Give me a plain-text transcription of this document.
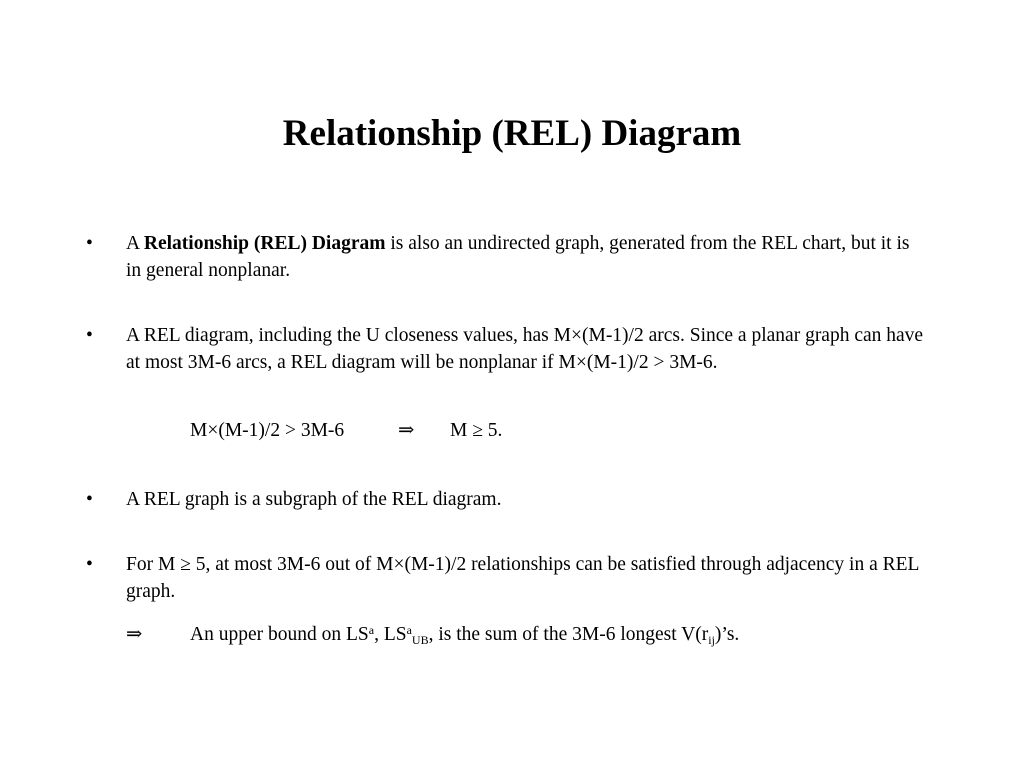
Relationship (REL) Diagram
•	A Relationship (REL) Diagram is also an undirected graph, generated from the REL chart, but it is in general nonplanar.
•	A REL diagram, including the U closeness values, has M×(M-1)/2 arcs. Since a planar graph can have at most 3M-6 arcs, a REL diagram will be nonplanar if M×(M-1)/2 > 3M-6.
M×(M-1)/2 > 3M-6	⇒ M ≥ 5.
•	A REL graph is a subgraph of the REL diagram.
•	For M ≥ 5, at most 3M-6 out of M×(M-1)/2 relationships can be satisfied through adjacency in a REL graph.
⇒ An upper bound on $LS^a$, $LS^a_{UB}$, is the sum of the 3M-6 longest $V(r_{ij})’s$.
